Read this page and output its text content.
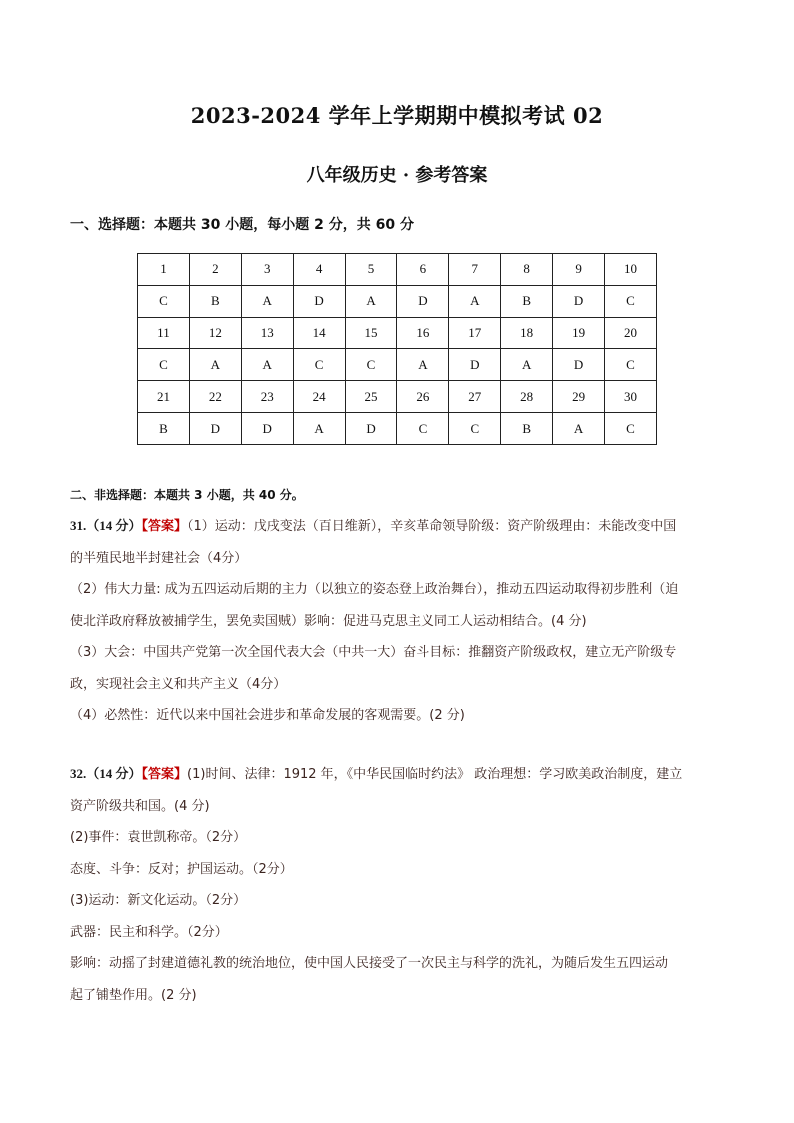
2023-2024 学年上学期期中模拟考试 02
八年级历史 · 参考答案
一、选择题：本题共 30 小题，每小题 2 分，共 60 分
1	2	3	4	5	6	7	8	9	10
C	B	A	D	A	D	A	B	D	C
11	12	13	14	15	16	17	18	19	20
C	A	A	C	C	A	D	A	D	C
21	22	23	24	25	26	27	28	29	30
B	D	D	A	D	C	C	B	A	C
二、非选择题：本题共 3 小题，共 40 分。

31.（14 分）【答案】（1）运动：戊戌变法（百日维新），辛亥革命领导阶级：资产阶级理由：未能改变中国

的半殖民地半封建社会（4分）

（2）伟大力量: 成为五四运动后期的主力（以独立的姿态登上政治舞台），推动五四运动取得初步胜利（迫

使北洋政府释放被捕学生，罢免卖国贼）影响：促进马克思主义同工人运动相结合。(4 分)

（3）大会：中国共产党第一次全国代表大会（中共一大）奋斗目标：推翻资产阶级政权，建立无产阶级专

政，实现社会主义和共产主义（4分）

（4）必然性：近代以来中国社会进步和革命发展的客观需要。(2 分)

32.（14 分）【答案】(1)时间、法律：1912 年，《中华民国临时约法》 政治理想：学习欧美政治制度，建立

资产阶级共和国。(4 分)

(2)事件：袁世凯称帝。（2分）

态度、斗争：反对；护国运动。（2分）

(3)运动：新文化运动。（2分）

武器：民主和科学。（2分）

影响：动摇了封建道德礼教的统治地位，使中国人民接受了一次民主与科学的洗礼，为随后发生五四运动

起了铺垫作用。(2 分)
